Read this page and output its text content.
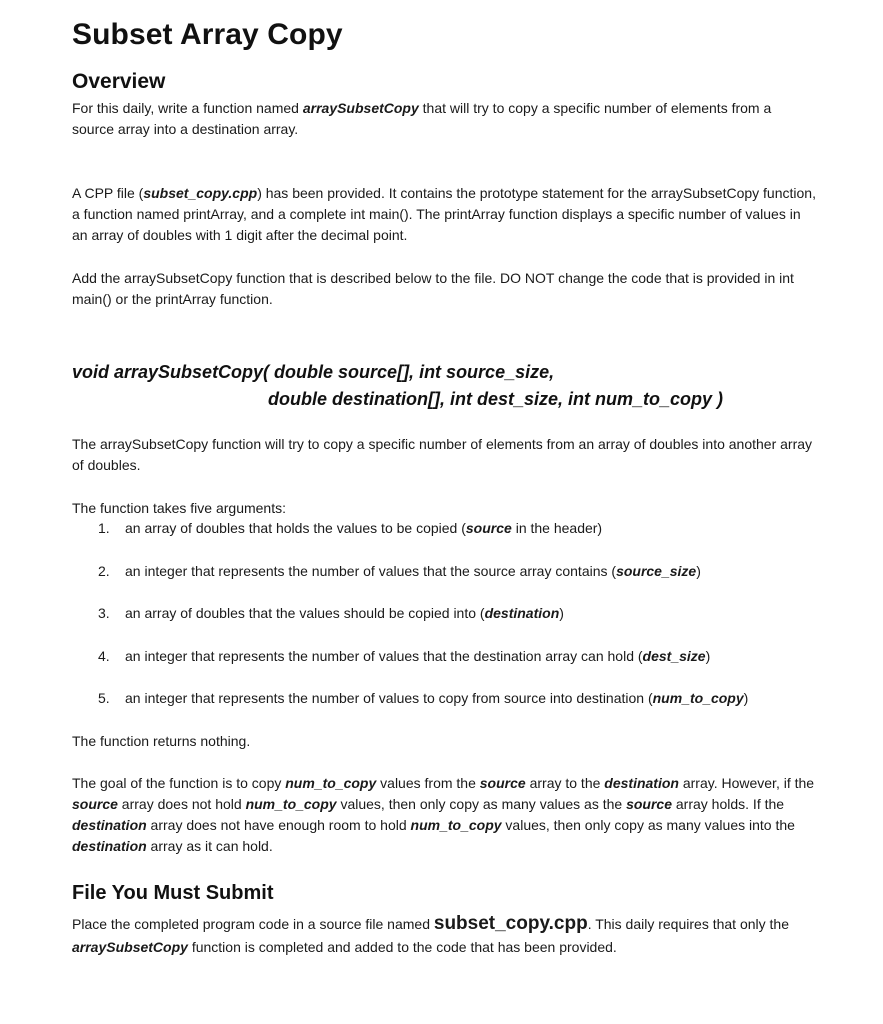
Subset Array Copy
Overview
For this daily, write a function named arraySubsetCopy that will try to copy a specific number of elements from a source array into a destination array.
A CPP file (subset_copy.cpp) has been provided. It contains the prototype statement for the arraySubsetCopy function, a function named printArray, and a complete int main(). The printArray function displays a specific number of values in an array of doubles with 1 digit after the decimal point.
Add the arraySubsetCopy function that is described below to the file. DO NOT change the code that is provided in int main() or the printArray function.
void arraySubsetCopy( double source[], int source_size,
double destination[], int dest_size, int num_to_copy )
The arraySubsetCopy function will try to copy a specific number of elements from an array of doubles into another array of doubles.
The function takes five arguments:
1. an array of doubles that holds the values to be copied (source in the header)
2. an integer that represents the number of values that the source array contains (source_size)
3. an array of doubles that the values should be copied into (destination)
4. an integer that represents the number of values that the destination array can hold (dest_size)
5. an integer that represents the number of values to copy from source into destination (num_to_copy)
The function returns nothing.
The goal of the function is to copy num_to_copy values from the source array to the destination array. However, if the source array does not hold num_to_copy values, then only copy as many values as the source array holds. If the destination array does not have enough room to hold num_to_copy values, then only copy as many values into the destination array as it can hold.
File You Must Submit
Place the completed program code in a source file named subset_copy.cpp. This daily requires that only the arraySubsetCopy function is completed and added to the code that has been provided.
